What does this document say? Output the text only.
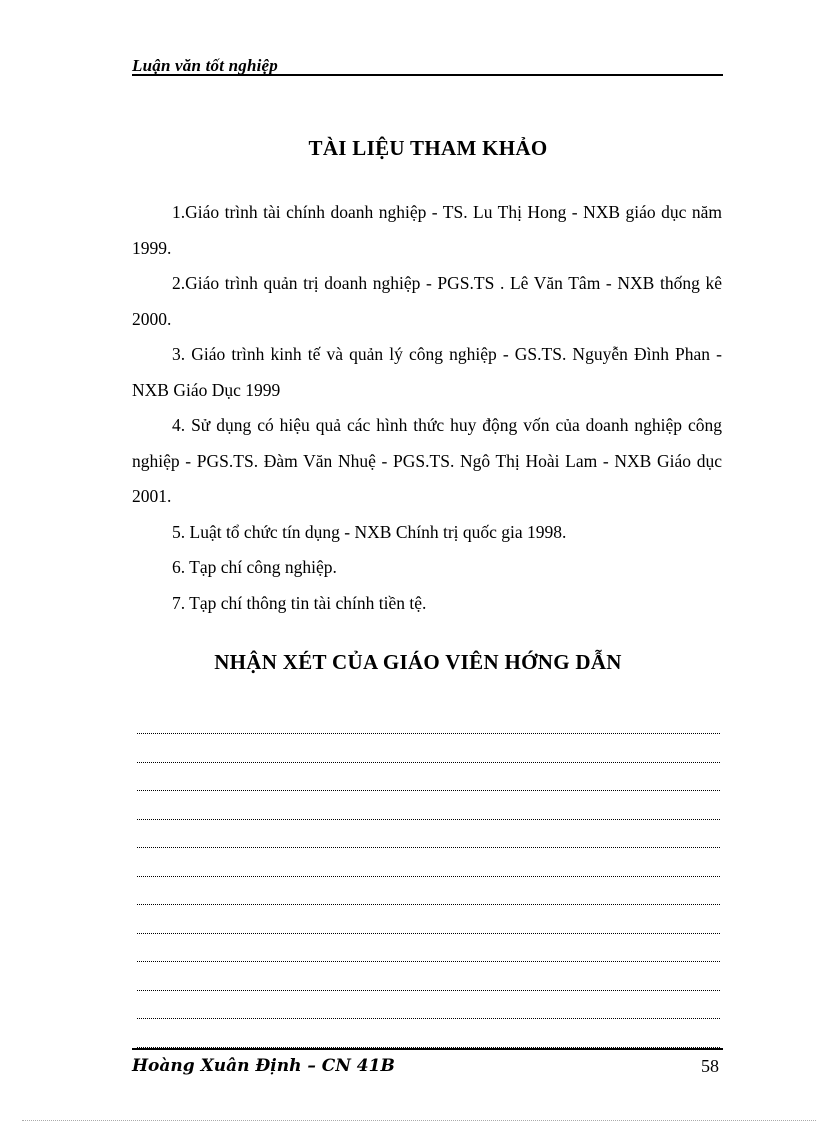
Luận văn tốt nghiệp
TÀI LIỆU THAM KHẢO

1.Giáo trình tài chính doanh nghiệp - TS. Lu Thị Hong - NXB giáo dục năm 1999.

2.Giáo trình quản trị doanh nghiệp - PGS.TS . Lê Văn Tâm - NXB thống kê 2000.

3. Giáo trình kinh tế và quản lý công nghiệp - GS.TS. Nguyễn Đình Phan - NXB Giáo Dục 1999

4. Sử dụng có hiệu quả các hình thức huy động vốn của doanh nghiệp công nghiệp - PGS.TS. Đàm Văn Nhuệ - PGS.TS. Ngô Thị Hoài Lam - NXB Giáo dục 2001.

5. Luật tổ chức tín dụng - NXB Chính trị quốc gia 1998.

6. Tạp chí công nghiệp.

7. Tạp chí thông tin tài chính tiền tệ.

NHẬN XÉT CỦA GIÁO VIÊN HỚNG DẪN
Hoàng Xuân Định – CN 41B	58
